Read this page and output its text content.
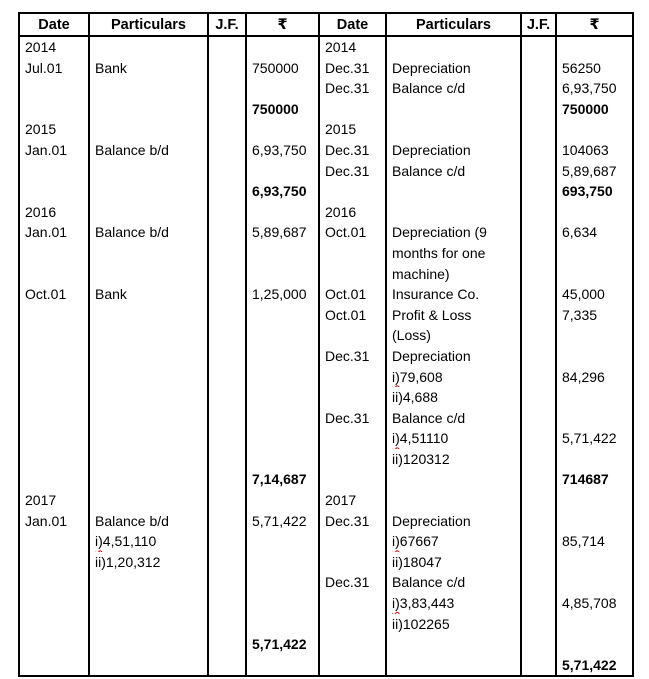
Date	Particulars	J.F.	₹	Date	Particulars	J.F.	₹
2014				2014			
Jul.01	Bank		750000	Dec.31	Depreciation		56250
				Dec.31	Balance c/d		6,93,750
			750000				750000
2015				2015			
Jan.01	Balance b/d		6,93,750	Dec.31	Depreciation		104063
				Dec.31	Balance c/d		5,89,687
			6,93,750				693,750
2016				2016			
Jan.01	Balance b/d		5,89,687	Oct.01	Depreciation (9		6,634
					months for one		
					machine)		
Oct.01	Bank		1,25,000	Oct.01	Insurance Co.		45,000
				Oct.01	Profit & Loss		7,335
					(Loss)		
				Dec.31	Depreciation		
					i)79,608		84,296
					ii)4,688		
				Dec.31	Balance c/d		
					i)4,51110		5,71,422
					ii)120312		
			7,14,687				714687
2017				2017			
Jan.01	Balance b/d		5,71,422	Dec.31	Depreciation		
	i)4,51,110				i)67667		85,714
	ii)1,20,312				ii)18047		
				Dec.31	Balance c/d		
					i)3,83,443		4,85,708
					ii)102265		
			5,71,422				
							5,71,422
